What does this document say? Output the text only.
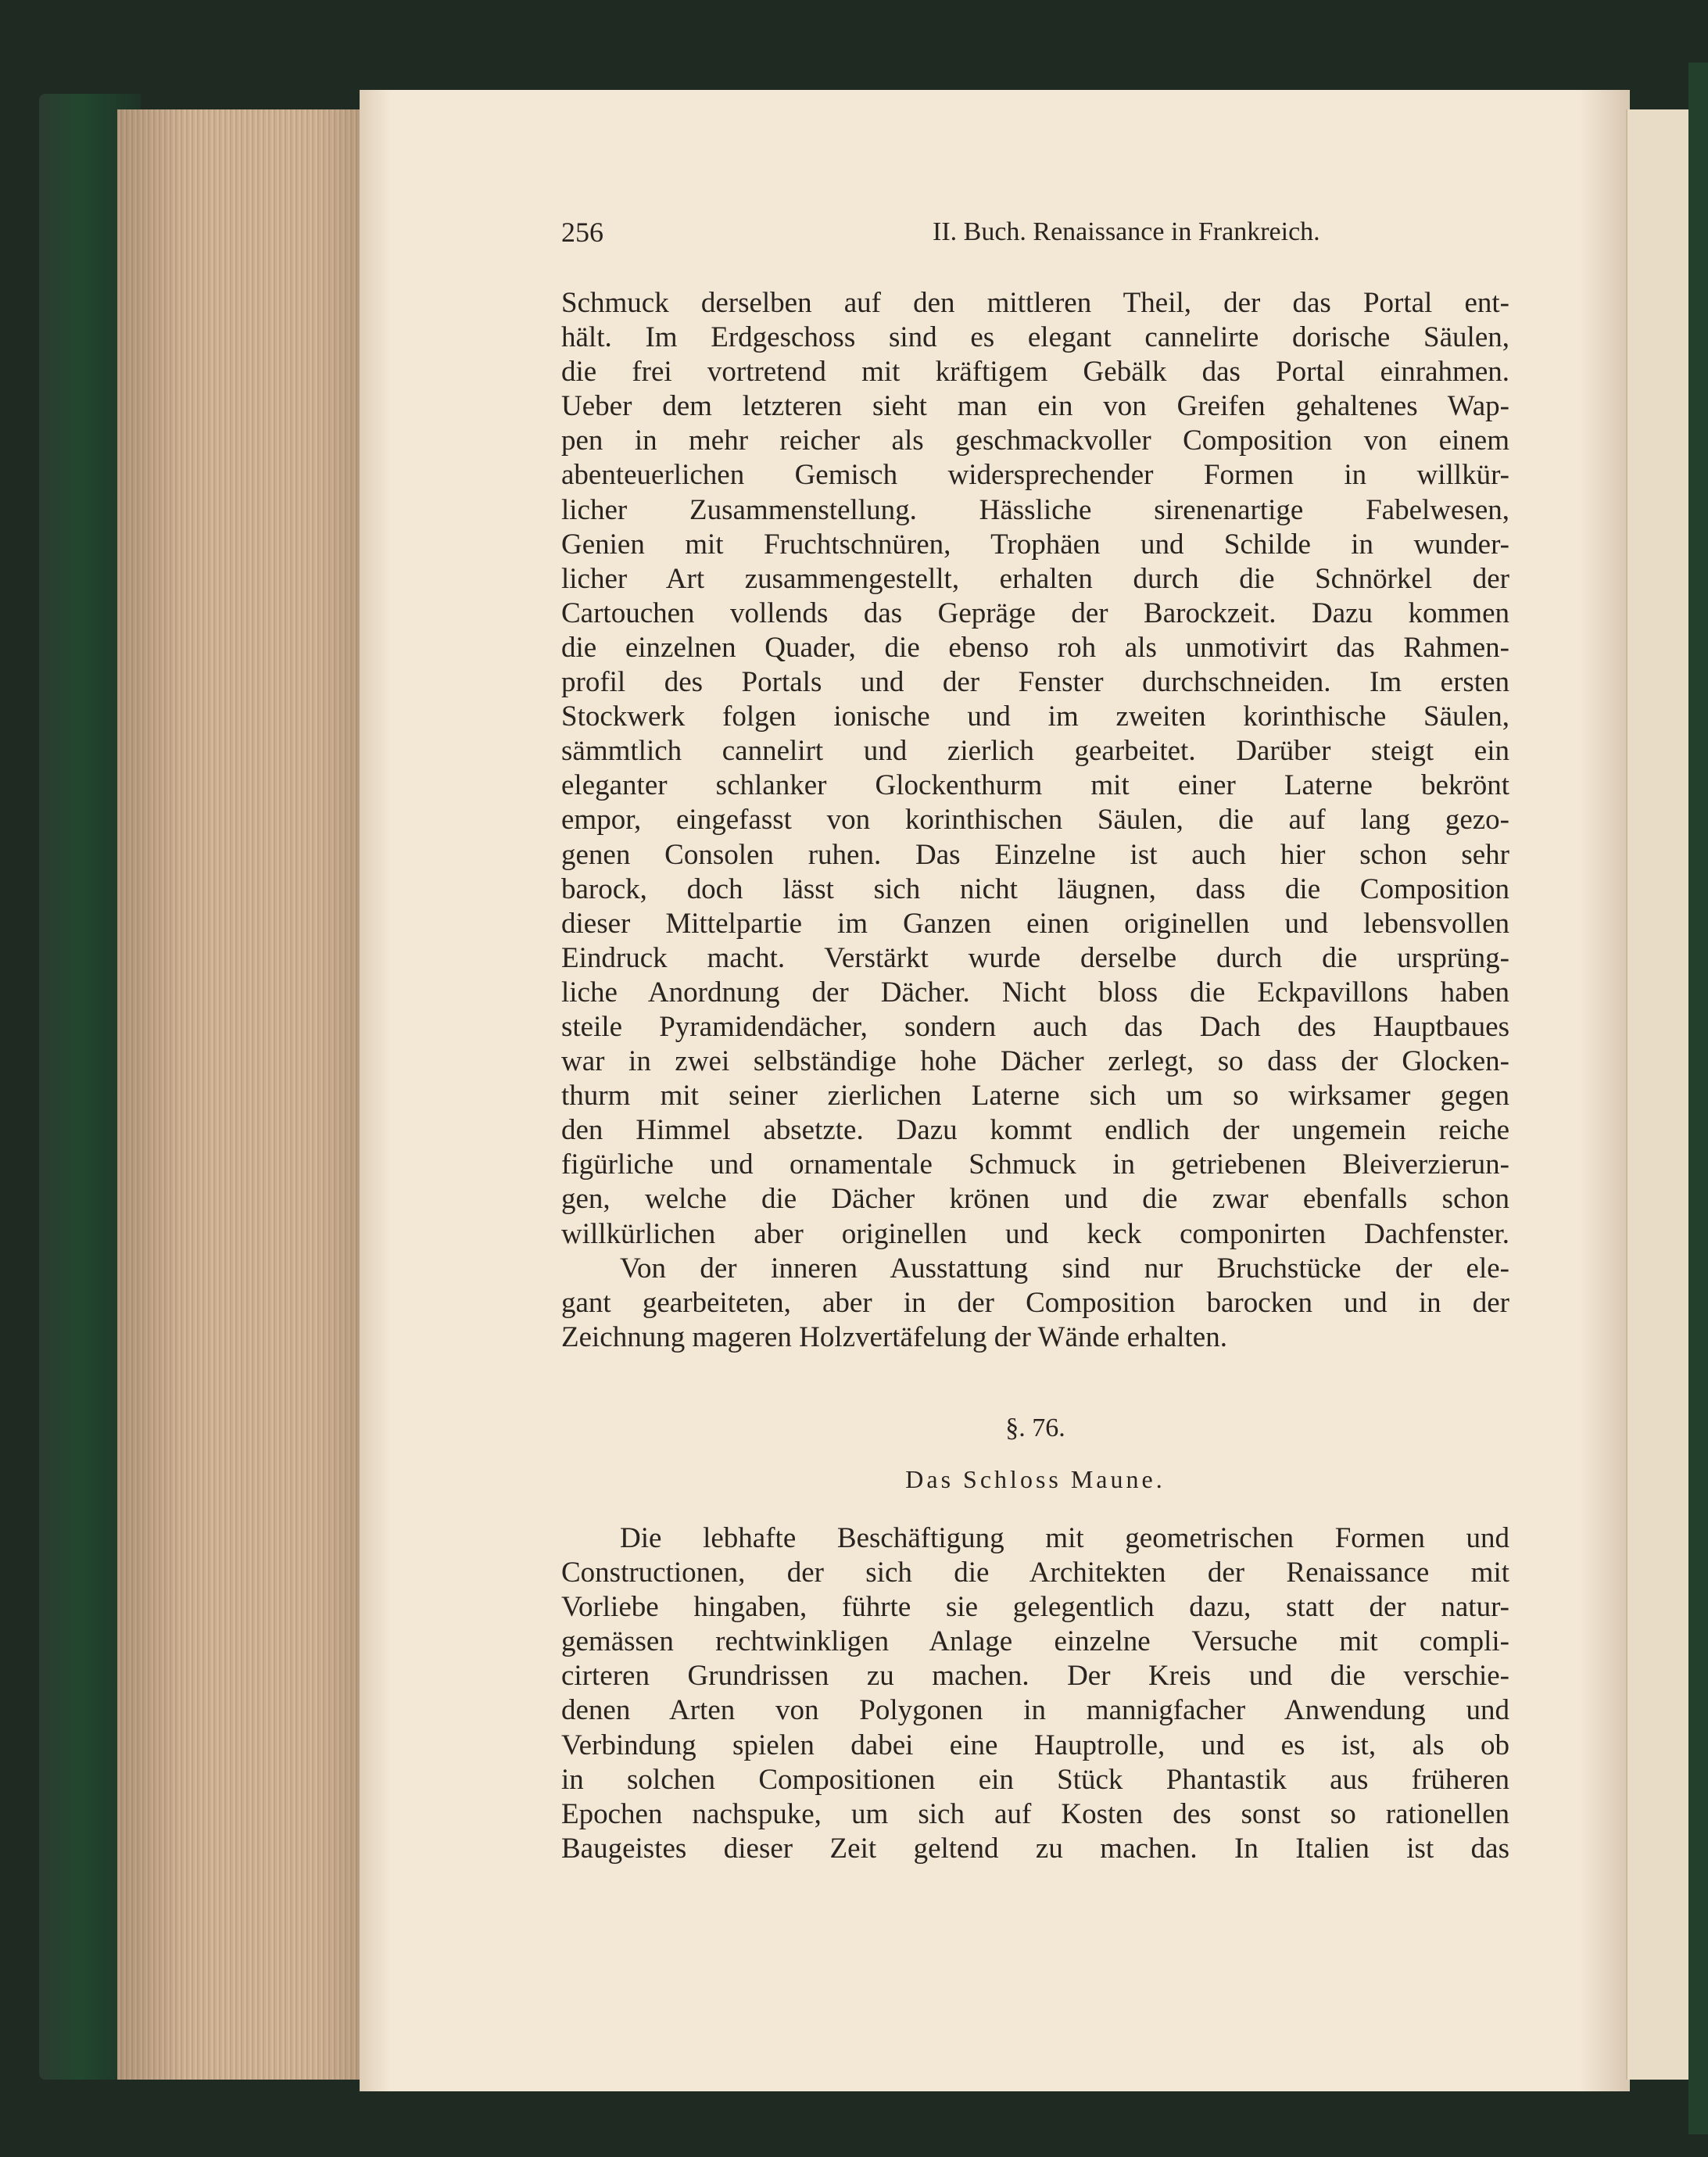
256	II. Buch. Renaissance in Frankreich.
Schmuck derselben auf den mittleren Theil, der das Portal ent-
hält. Im Erdgeschoss sind es elegant cannelirte dorische Säulen,
die frei vortretend mit kräftigem Gebälk das Portal einrahmen.
Ueber dem letzteren sieht man ein von Greifen gehaltenes Wap-
pen in mehr reicher als geschmackvoller Composition von einem
abenteuerlichen Gemisch widersprechender Formen in willkür-
licher Zusammenstellung. Hässliche sirenenartige Fabelwesen,
Genien mit Fruchtschnüren, Trophäen und Schilde in wunder-
licher Art zusammengestellt, erhalten durch die Schnörkel der
Cartouchen vollends das Gepräge der Barockzeit. Dazu kommen
die einzelnen Quader, die ebenso roh als unmotivirt das Rahmen-
profil des Portals und der Fenster durchschneiden. Im ersten
Stockwerk folgen ionische und im zweiten korinthische Säulen,
sämmtlich cannelirt und zierlich gearbeitet. Darüber steigt ein
eleganter schlanker Glockenthurm mit einer Laterne bekrönt
empor, eingefasst von korinthischen Säulen, die auf lang gezo-
genen Consolen ruhen. Das Einzelne ist auch hier schon sehr
barock, doch lässt sich nicht läugnen, dass die Composition
dieser Mittelpartie im Ganzen einen originellen und lebensvollen
Eindruck macht. Verstärkt wurde derselbe durch die ursprüng-
liche Anordnung der Dächer. Nicht bloss die Eckpavillons haben
steile Pyramidendächer, sondern auch das Dach des Hauptbaues
war in zwei selbständige hohe Dächer zerlegt, so dass der Glocken-
thurm mit seiner zierlichen Laterne sich um so wirksamer gegen
den Himmel absetzte. Dazu kommt endlich der ungemein reiche
figürliche und ornamentale Schmuck in getriebenen Bleiverzierun-
gen, welche die Dächer krönen und die zwar ebenfalls schon
willkürlichen aber originellen und keck componirten Dachfenster.
Von der inneren Ausstattung sind nur Bruchstücke der ele-
gant gearbeiteten, aber in der Composition barocken und in der
Zeichnung mageren Holzvertäfelung der Wände erhalten.
§. 76.
Das Schloss Maune.
Die lebhafte Beschäftigung mit geometrischen Formen und
Constructionen, der sich die Architekten der Renaissance mit
Vorliebe hingaben, führte sie gelegentlich dazu, statt der natur-
gemässen rechtwinkligen Anlage einzelne Versuche mit compli-
cirteren Grundrissen zu machen. Der Kreis und die verschie-
denen Arten von Polygonen in mannigfacher Anwendung und
Verbindung spielen dabei eine Hauptrolle, und es ist, als ob
in solchen Compositionen ein Stück Phantastik aus früheren
Epochen nachspuke, um sich auf Kosten des sonst so rationellen
Baugeistes dieser Zeit geltend zu machen. In Italien ist das
